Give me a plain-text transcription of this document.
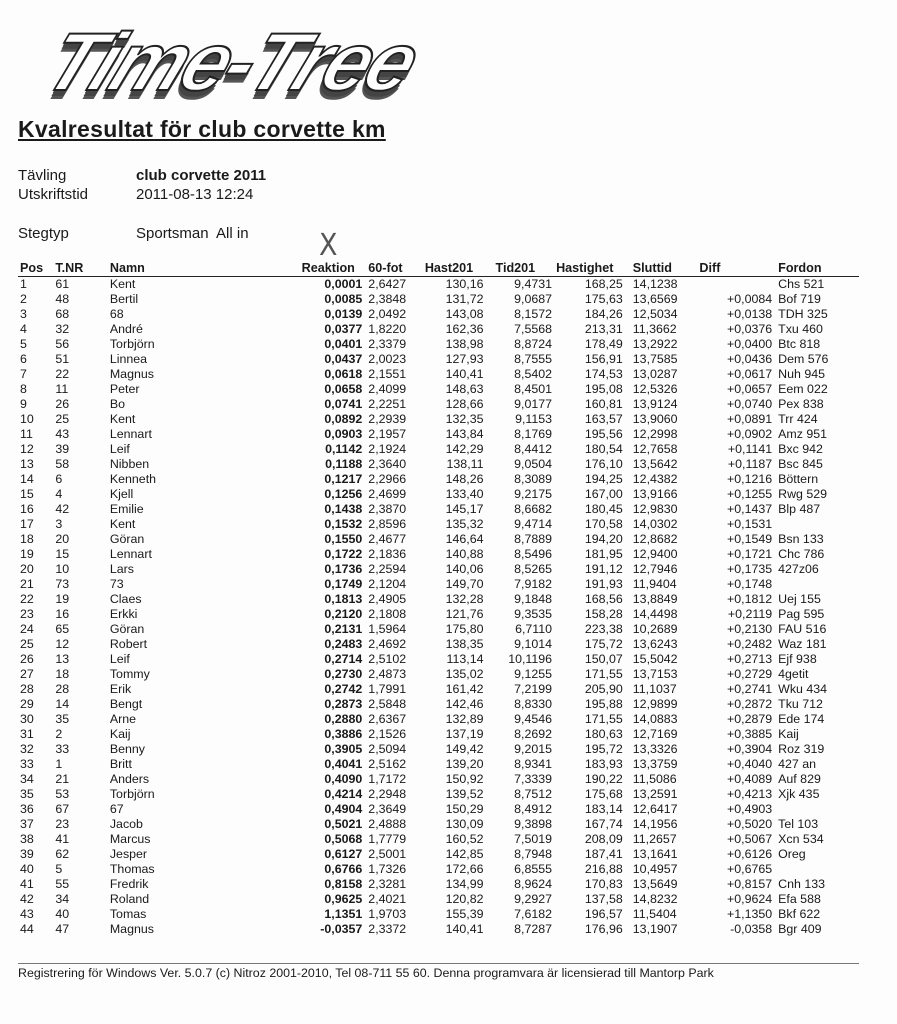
Time-Tree
Kvalresultat för club corvette km
Tävling	club corvette 2011
Utskriftstid	2011-08-13 12:24
Stegtyp	Sportsman  All in X
Pos	T.NR	Namn	Reaktion	60-fot	Hast201	Tid201	Hastighet	Sluttid	Diff	Fordon
1	61	Kent	0,0001	2,6427	130,16	9,4731	168,25	14,1238		Chs 521
2	48	Bertil	0,0085	2,3848	131,72	9,0687	175,63	13,6569	+0,0084	Bof 719
3	68	68	0,0139	2,0492	143,08	8,1572	184,26	12,5034	+0,0138	TDH 325
4	32	André	0,0377	1,8220	162,36	7,5568	213,31	11,3662	+0,0376	Txu 460
5	56	Torbjörn	0,0401	2,3379	138,98	8,8724	178,49	13,2922	+0,0400	Btc 818
6	51	Linnea	0,0437	2,0023	127,93	8,7555	156,91	13,7585	+0,0436	Dem 576
7	22	Magnus	0,0618	2,1551	140,41	8,5402	174,53	13,0287	+0,0617	Nuh 945
8	11	Peter	0,0658	2,4099	148,63	8,4501	195,08	12,5326	+0,0657	Eem 022
9	26	Bo	0,0741	2,2251	128,66	9,0177	160,81	13,9124	+0,0740	Pex 838
10	25	Kent	0,0892	2,2939	132,35	9,1153	163,57	13,9060	+0,0891	Trr 424
11	43	Lennart	0,0903	2,1957	143,84	8,1769	195,56	12,2998	+0,0902	Amz 951
12	39	Leif	0,1142	2,1924	142,29	8,4412	180,54	12,7658	+0,1141	Bxc 942
13	58	Nibben	0,1188	2,3640	138,11	9,0504	176,10	13,5642	+0,1187	Bsc 845
14	6	Kenneth	0,1217	2,2966	148,26	8,3089	194,25	12,4382	+0,1216	Böttern
15	4	Kjell	0,1256	2,4699	133,40	9,2175	167,00	13,9166	+0,1255	Rwg 529
16	42	Emilie	0,1438	2,3870	145,17	8,6682	180,45	12,9830	+0,1437	Blp 487
17	3	Kent	0,1532	2,8596	135,32	9,4714	170,58	14,0302	+0,1531	
18	20	Göran	0,1550	2,4677	146,64	8,7889	194,20	12,8682	+0,1549	Bsn 133
19	15	Lennart	0,1722	2,1836	140,88	8,5496	181,95	12,9400	+0,1721	Chc 786
20	10	Lars	0,1736	2,2594	140,06	8,5265	191,12	12,7946	+0,1735	427z06
21	73	73	0,1749	2,1204	149,70	7,9182	191,93	11,9404	+0,1748	
22	19	Claes	0,1813	2,4905	132,28	9,1848	168,56	13,8849	+0,1812	Uej 155
23	16	Erkki	0,2120	2,1808	121,76	9,3535	158,28	14,4498	+0,2119	Pag 595
24	65	Göran	0,2131	1,5964	175,80	6,7110	223,38	10,2689	+0,2130	FAU 516
25	12	Robert	0,2483	2,4692	138,35	9,1014	175,72	13,6243	+0,2482	Waz 181
26	13	Leif	0,2714	2,5102	113,14	10,1196	150,07	15,5042	+0,2713	Ejf 938
27	18	Tommy	0,2730	2,4873	135,02	9,1255	171,55	13,7153	+0,2729	4getit
28	28	Erik	0,2742	1,7991	161,42	7,2199	205,90	11,1037	+0,2741	Wku 434
29	14	Bengt	0,2873	2,5848	142,46	8,8330	195,88	12,9899	+0,2872	Tku 712
30	35	Arne	0,2880	2,6367	132,89	9,4546	171,55	14,0883	+0,2879	Ede 174
31	2	Kaij	0,3886	2,1526	137,19	8,2692	180,63	12,7169	+0,3885	Kaij
32	33	Benny	0,3905	2,5094	149,42	9,2015	195,72	13,3326	+0,3904	Roz 319
33	1	Britt	0,4041	2,5162	139,20	8,9341	183,93	13,3759	+0,4040	427 an
34	21	Anders	0,4090	1,7172	150,92	7,3339	190,22	11,5086	+0,4089	Auf 829
35	53	Torbjörn	0,4214	2,2948	139,52	8,7512	175,68	13,2591	+0,4213	Xjk 435
36	67	67	0,4904	2,3649	150,29	8,4912	183,14	12,6417	+0,4903	
37	23	Jacob	0,5021	2,4888	130,09	9,3898	167,74	14,1956	+0,5020	Tel 103
38	41	Marcus	0,5068	1,7779	160,52	7,5019	208,09	11,2657	+0,5067	Xcn 534
39	62	Jesper	0,6127	2,5001	142,85	8,7948	187,41	13,1641	+0,6126	Oreg
40	5	Thomas	0,6766	1,7326	172,66	6,8555	216,88	10,4957	+0,6765	
41	55	Fredrik	0,8158	2,3281	134,99	8,9624	170,83	13,5649	+0,8157	Cnh 133
42	34	Roland	0,9625	2,4021	120,82	9,2927	137,58	14,8232	+0,9624	Efa 588
43	40	Tomas	1,1351	1,9703	155,39	7,6182	196,57	11,5404	+1,1350	Bkf 622
44	47	Magnus	-0,0357	2,3372	140,41	8,7287	176,96	13,1907	-0,0358	Bgr 409
Registrering för Windows Ver. 5.0.7 (c) Nitroz 2001-2010, Tel 08-711 55 60. Denna programvara är licensierad till Mantorp Park
